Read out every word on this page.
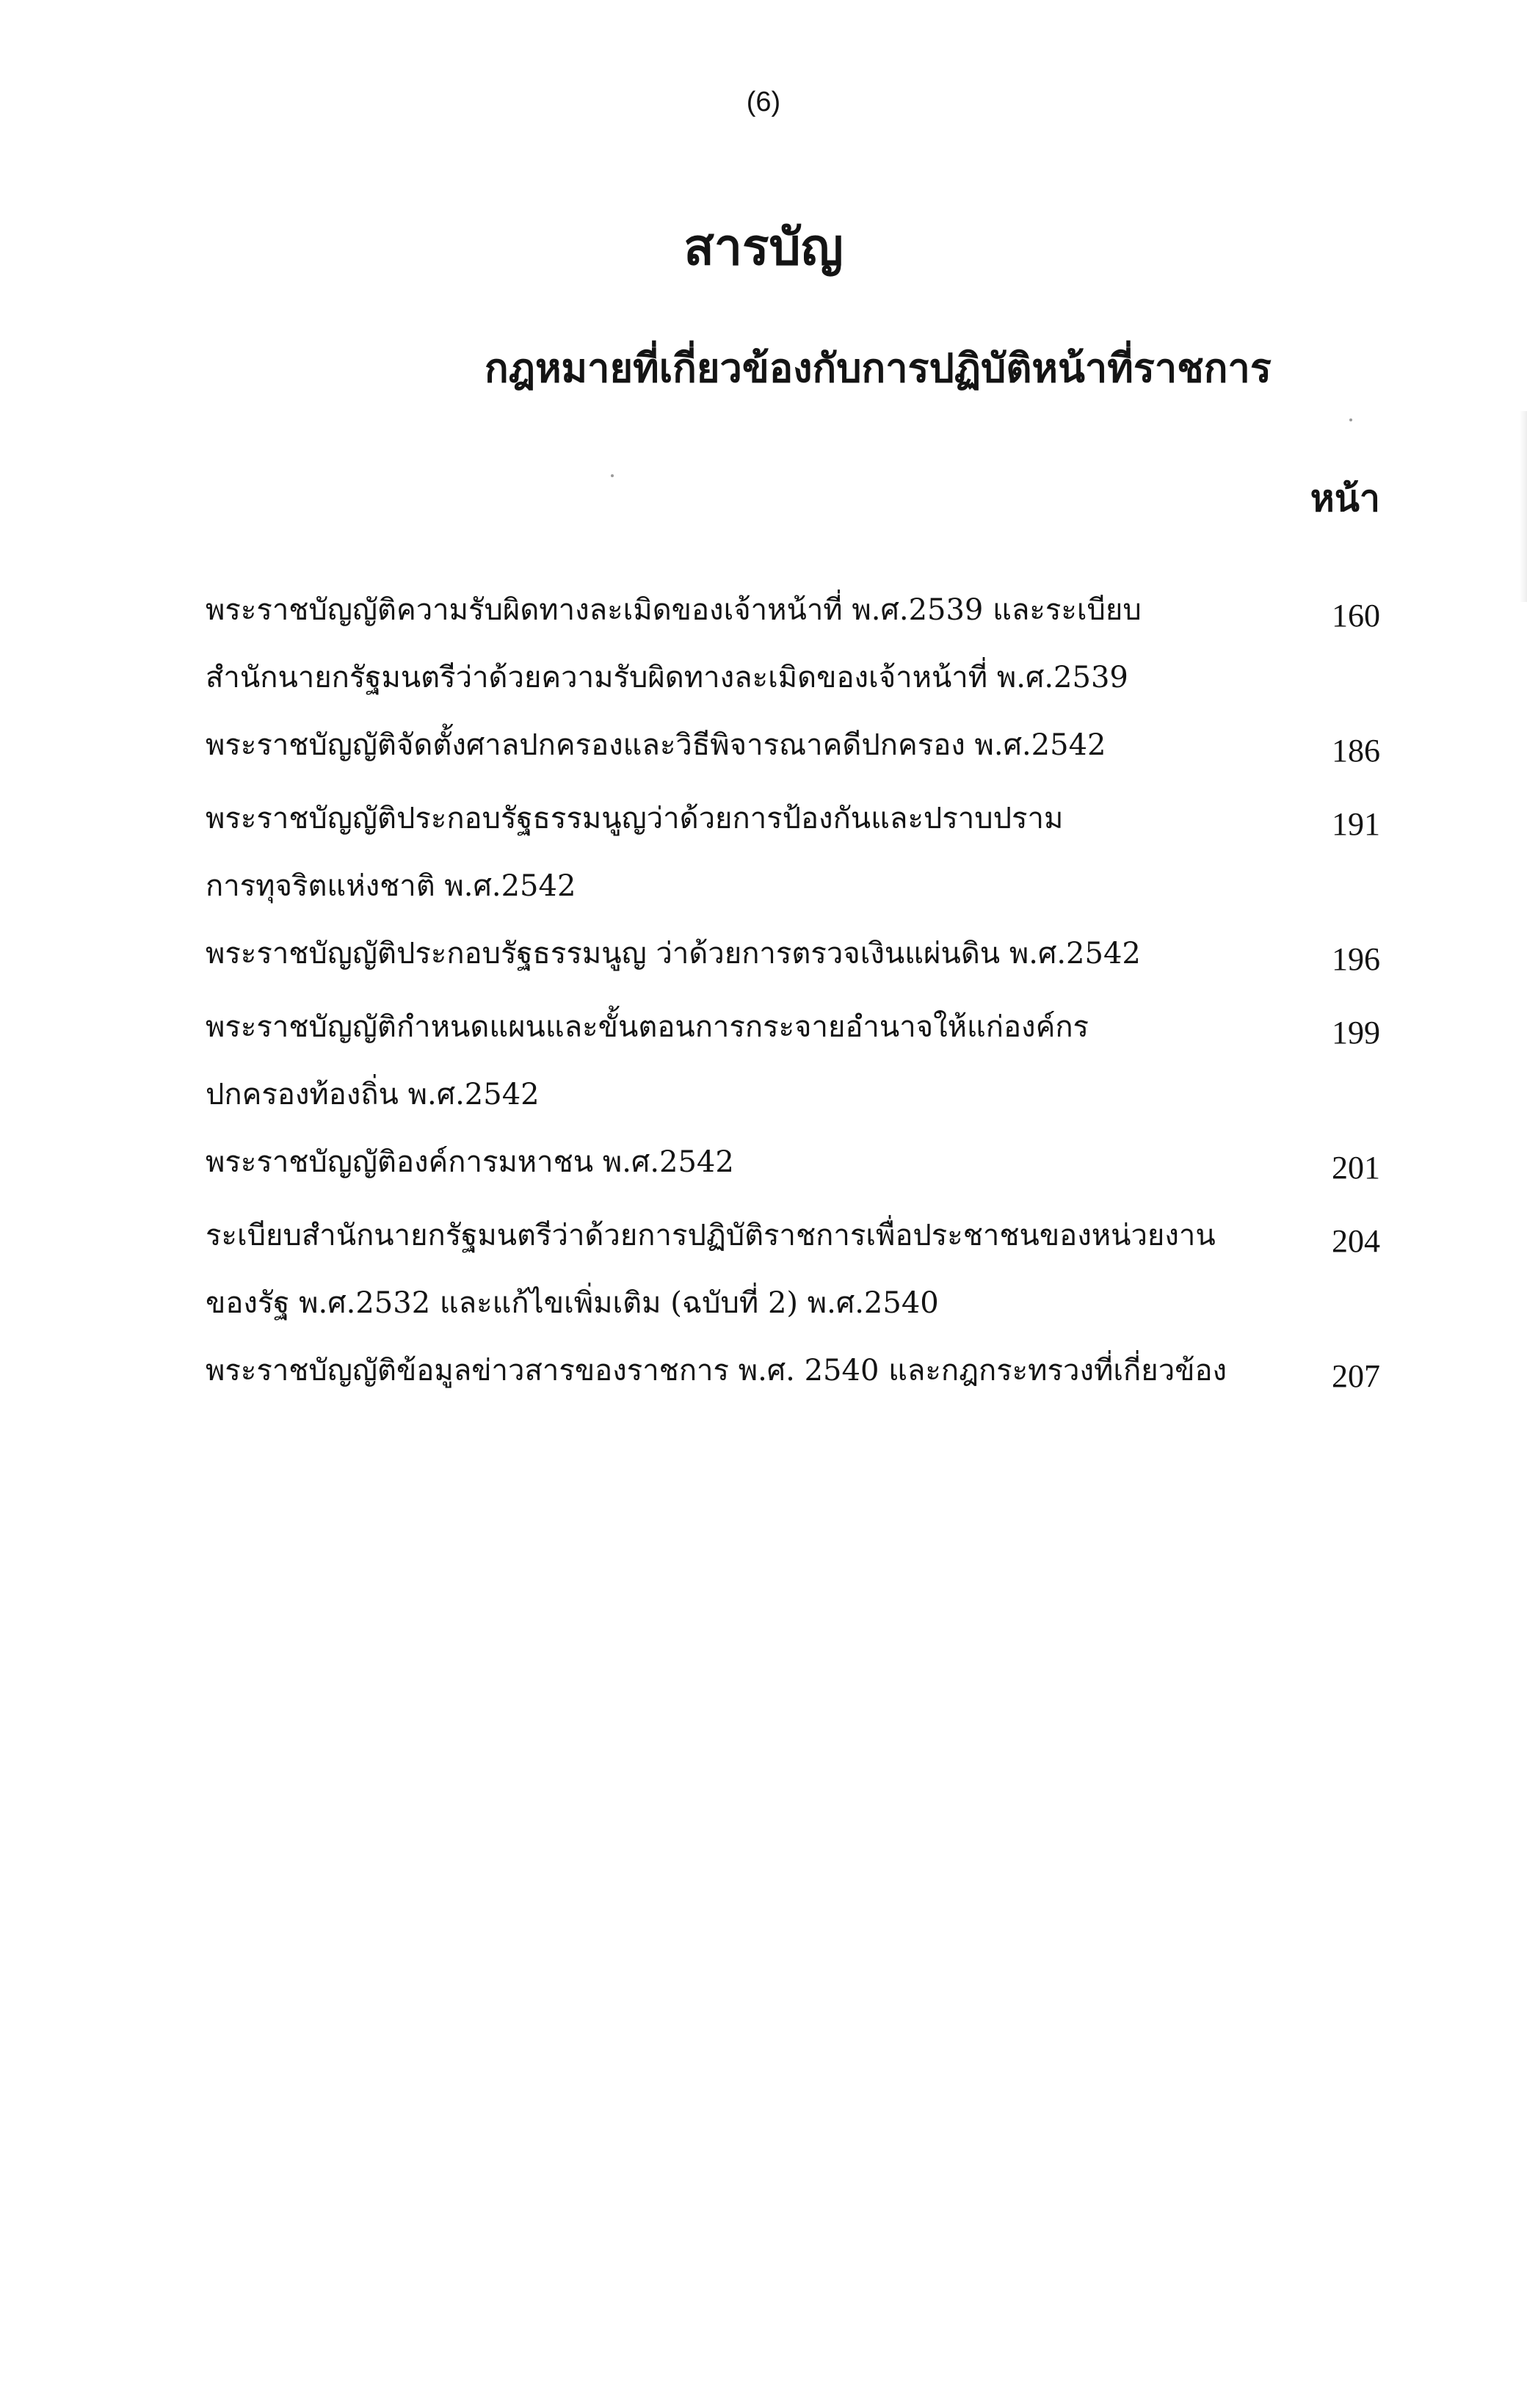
(6)
สารบัญ
กฎหมายที่เกี่ยวข้องกับการปฏิบัติหน้าที่ราชการ
หน้า
พระราชบัญญัติความรับผิดทางละเมิดของเจ้าหน้าที่ พ.ศ.2539 และระเบียบ
สำนักนายกรัฐมนตรีว่าด้วยความรับผิดทางละเมิดของเจ้าหน้าที่ พ.ศ.2539
160
พระราชบัญญัติจัดตั้งศาลปกครองและวิธีพิจารณาคดีปกครอง พ.ศ.2542	186
พระราชบัญญัติประกอบรัฐธรรมนูญว่าด้วยการป้องกันและปราบปราม
การทุจริตแห่งชาติ พ.ศ.2542
191
พระราชบัญญัติประกอบรัฐธรรมนูญ ว่าด้วยการตรวจเงินแผ่นดิน พ.ศ.2542	196
พระราชบัญญัติกำหนดแผนและขั้นตอนการกระจายอำนาจให้แก่องค์กร
ปกครองท้องถิ่น พ.ศ.2542
199
พระราชบัญญัติองค์การมหาชน พ.ศ.2542	201
ระเบียบสำนักนายกรัฐมนตรีว่าด้วยการปฏิบัติราชการเพื่อประชาชนของหน่วยงาน
ของรัฐ พ.ศ.2532 และแก้ไขเพิ่มเติม (ฉบับที่ 2) พ.ศ.2540
204
พระราชบัญญัติข้อมูลข่าวสารของราชการ พ.ศ. 2540 และกฎกระทรวงที่เกี่ยวข้อง	207
